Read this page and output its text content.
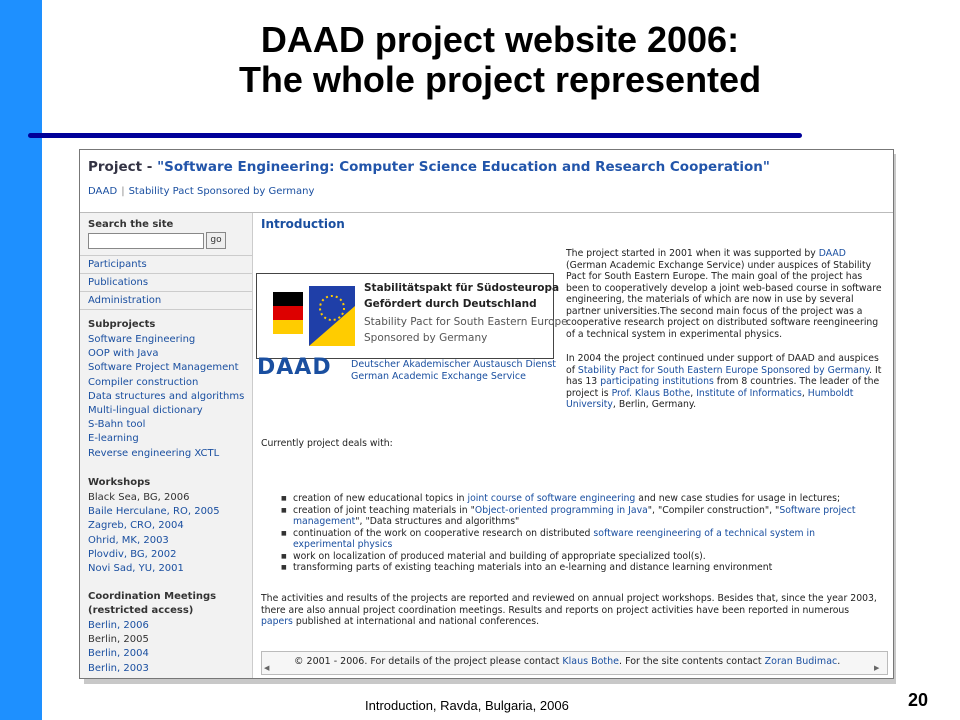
DAAD project website 2006:
The whole project represented
Project - "Software Engineering: Computer Science Education and Research Cooperation"
DAAD | Stability Pact Sponsored by Germany
Search the site
go
Participants
Publications
Administration
Subprojects
Software Engineering
OOP with Java
Software Project Management
Compiler construction
Data structures and algorithms
Multi-lingual dictionary
S-Bahn tool
E-learning
Reverse engineering XCTL
Workshops
Black Sea, BG, 2006
Baile Herculane, RO, 2005
Zagreb, CRO, 2004
Ohrid, MK, 2003
Plovdiv, BG, 2002
Novi Sad, YU, 2001
Coordination Meetings
(restricted access)
Berlin, 2006
Berlin, 2005
Berlin, 2004
Berlin, 2003
Introduction
Stabilitätspakt für Südosteuropa
Gefördert durch Deutschland
Stability Pact for South Eastern Europe
Sponsored by Germany
DAAD Deutscher Akademischer Austausch Dienst
German Academic Exchange Service
The project started in 2001 when it was supported by DAAD (German Academic Exchange Service) under auspices of Stability Pact for South Eastern Europe. The main goal of the project has been to cooperatively develop a joint web-based course in software engineering, the materials of which are now in use by several partner universities.The second main focus of the project was a cooperative research project on distributed software reengineering of a technical system in experimental physics.
In 2004 the project continued under support of DAAD and auspices of Stability Pact for South Eastern Europe Sponsored by Germany. It has 13 participating institutions from 8 countries. The leader of the project is Prof. Klaus Bothe, Institute of Informatics, Humboldt University, Berlin, Germany.
Currently project deals with:
■ creation of new educational topics in joint course of software engineering and new case studies for usage in lectures;
■ creation of joint teaching materials in "Object-oriented programming in Java", "Compiler construction", "Software project management", "Data structures and algorithms"
■ continuation of the work on cooperative research on distributed software reengineering of a technical system in experimental physics
■ work on localization of produced material and building of appropriate specialized tool(s).
■ transforming parts of existing teaching materials into an e-learning and distance learning environment
The activities and results of the projects are reported and reviewed on annual project workshops. Besides that, since the year 2003, there are also annual project coordination meetings. Results and reports on project activities have been reported in numerous papers published at international and national conferences.
© 2001 - 2006. For details of the project please contact Klaus Bothe. For the site contents contact Zoran Budimac.
◀	▶
Introduction, Ravda, Bulgaria, 2006	20
